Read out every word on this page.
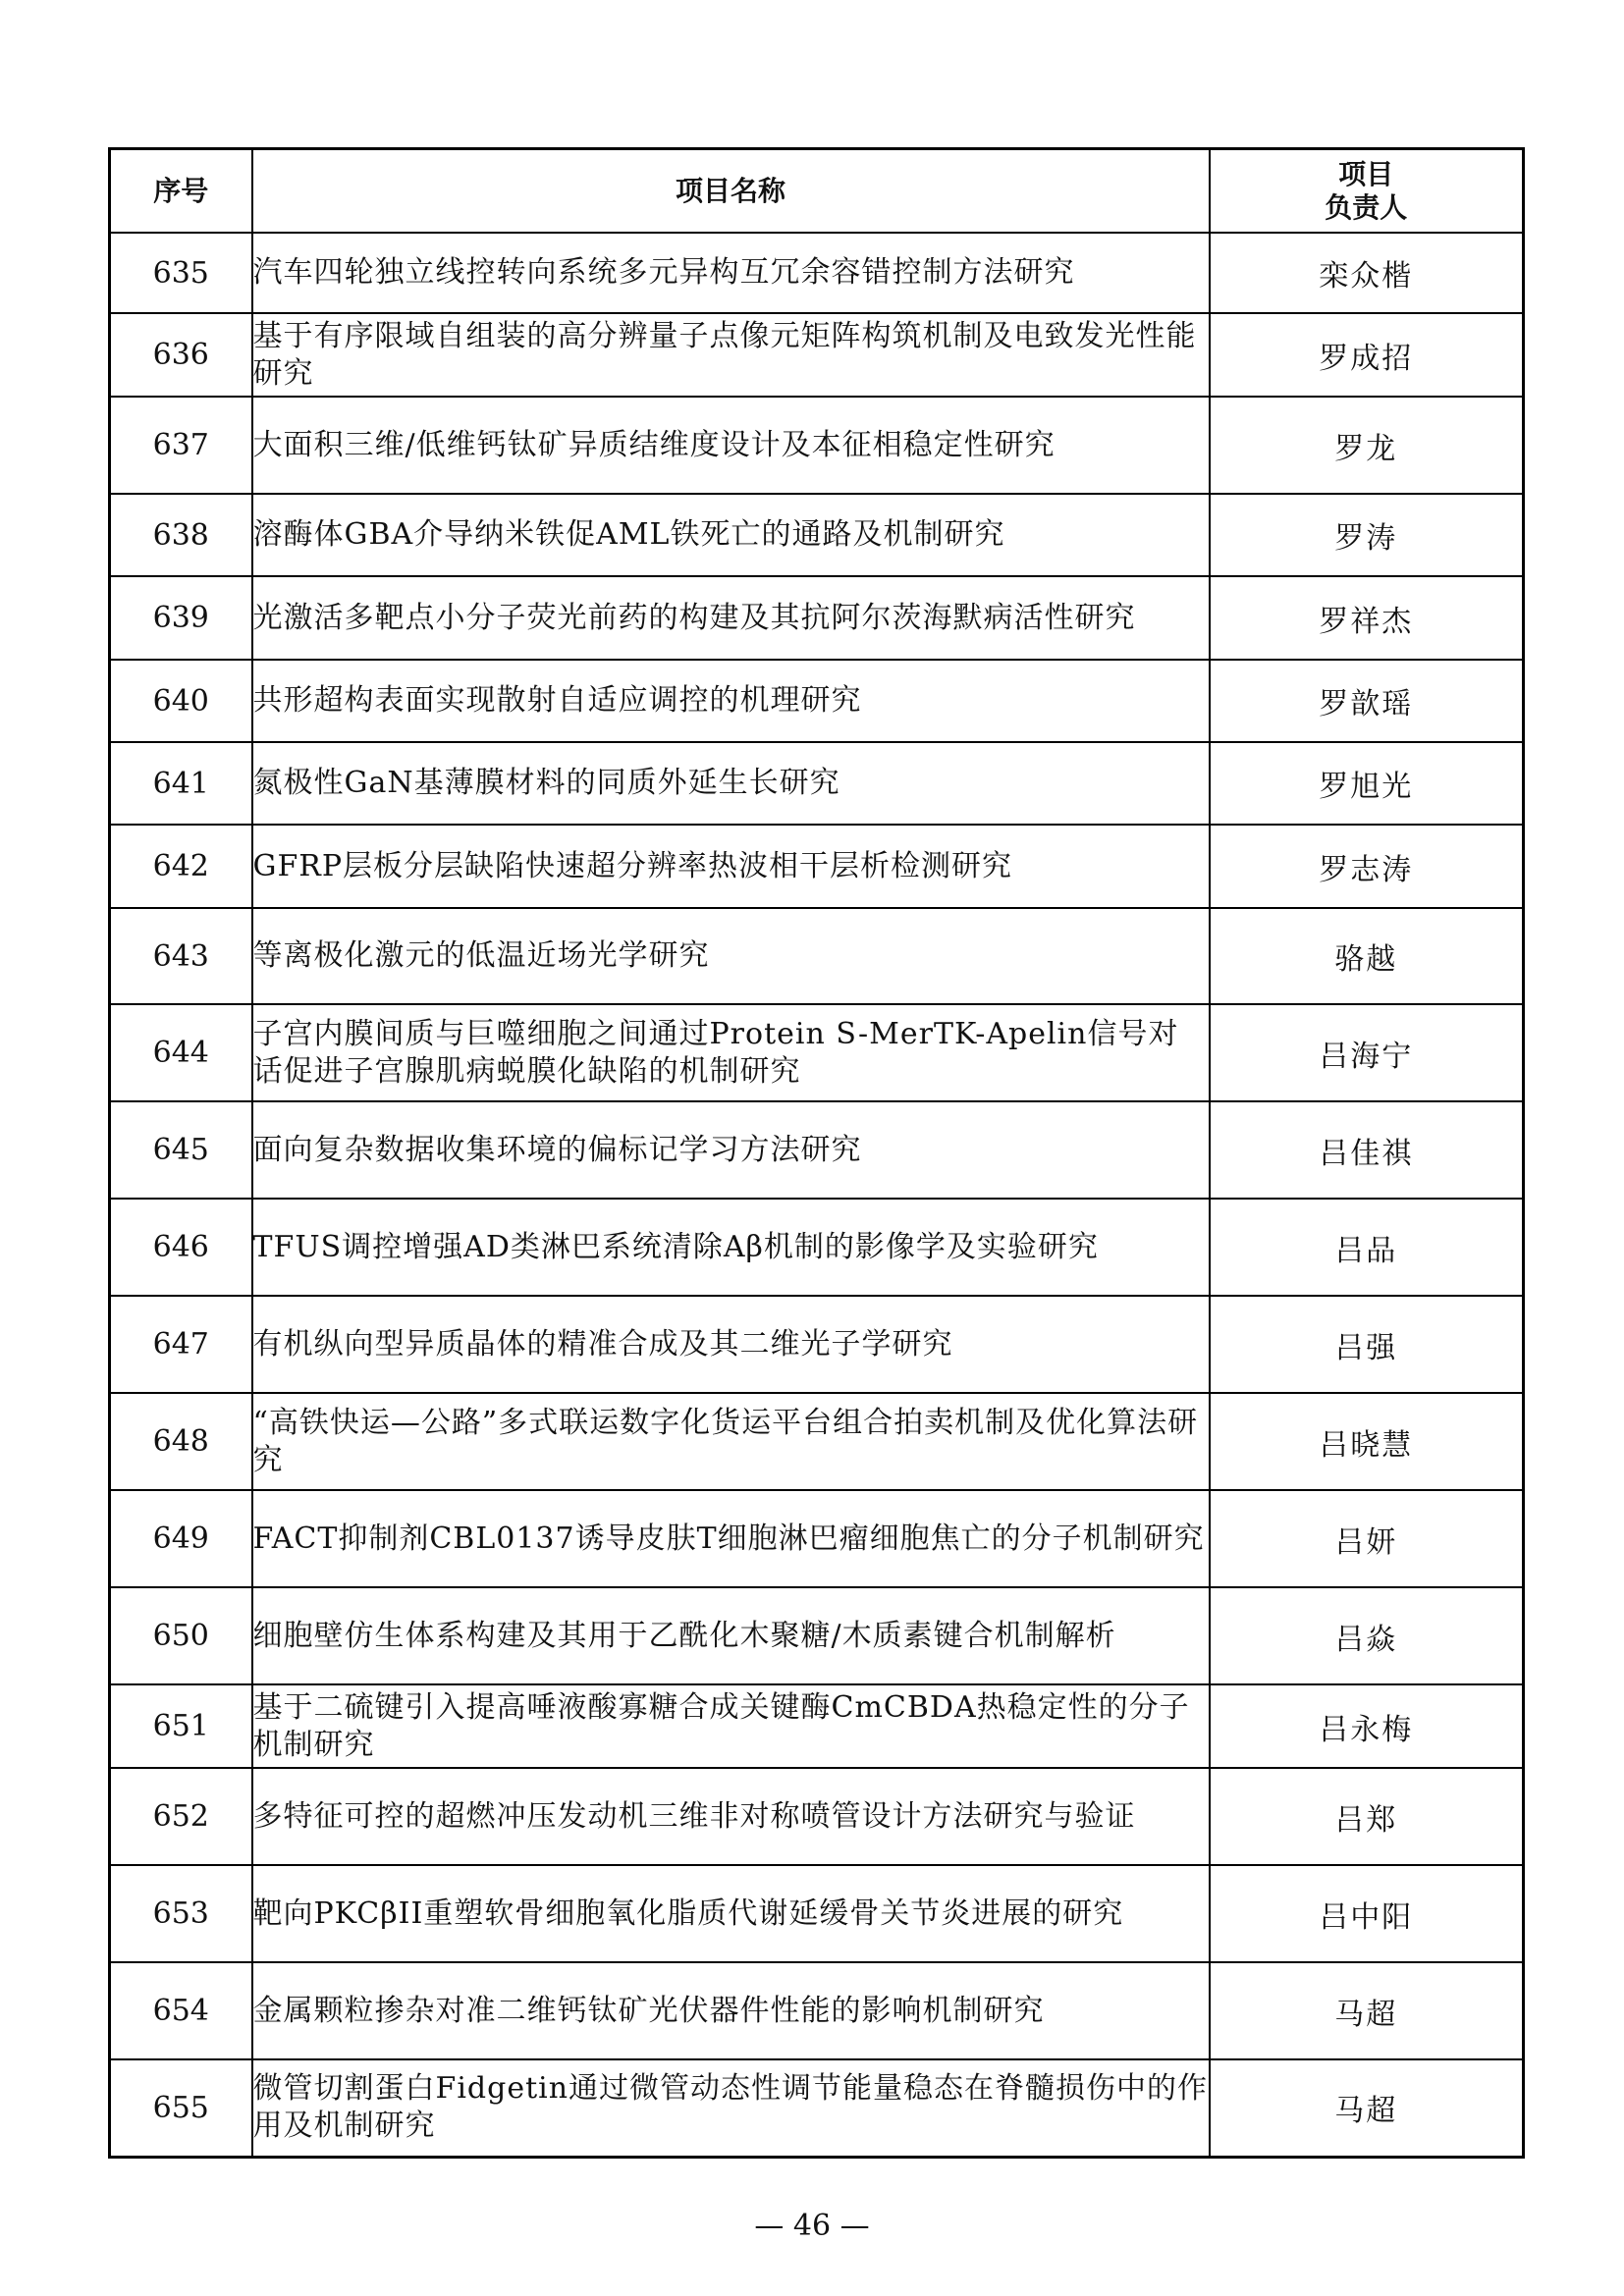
序号	项目名称	项目
负责人

635	汽车四轮独立线控转向系统多元异构互冗余容错控制方法研究	栾众楷
636	基于有序限域自组装的高分辨量子点像元矩阵构筑机制及电致发光性能研究	罗成招
637	大面积三维/低维钙钛矿异质结维度设计及本征相稳定性研究	罗龙
638	溶酶体GBA介导纳米铁促AML铁死亡的通路及机制研究	罗涛
639	光激活多靶点小分子荧光前药的构建及其抗阿尔茨海默病活性研究	罗祥杰
640	共形超构表面实现散射自适应调控的机理研究	罗歆瑶
641	氮极性GaN基薄膜材料的同质外延生长研究	罗旭光
642	GFRP层板分层缺陷快速超分辨率热波相干层析检测研究	罗志涛
643	等离极化激元的低温近场光学研究	骆越
644	子宫内膜间质与巨噬细胞之间通过Protein S-MerTK-Apelin信号对话促进子宫腺肌病蜕膜化缺陷的机制研究	吕海宁
645	面向复杂数据收集环境的偏标记学习方法研究	吕佳祺
646	TFUS调控增强AD类淋巴系统清除Aβ机制的影像学及实验研究	吕品
647	有机纵向型异质晶体的精准合成及其二维光子学研究	吕强
648	“高铁快运—公路”多式联运数字化货运平台组合拍卖机制及优化算法研究	吕晓慧
649	FACT抑制剂CBL0137诱导皮肤T细胞淋巴瘤细胞焦亡的分子机制研究	吕妍
650	细胞壁仿生体系构建及其用于乙酰化木聚糖/木质素键合机制解析	吕焱
651	基于二硫键引入提高唾液酸寡糖合成关键酶CmCBDA热稳定性的分子机制研究	吕永梅
652	多特征可控的超燃冲压发动机三维非对称喷管设计方法研究与验证	吕郑
653	靶向PKCβII重塑软骨细胞氧化脂质代谢延缓骨关节炎进展的研究	吕中阳
654	金属颗粒掺杂对准二维钙钛矿光伏器件性能的影响机制研究	马超
655	微管切割蛋白Fidgetin通过微管动态性调节能量稳态在脊髓损伤中的作用及机制研究	马超
— 46 —
